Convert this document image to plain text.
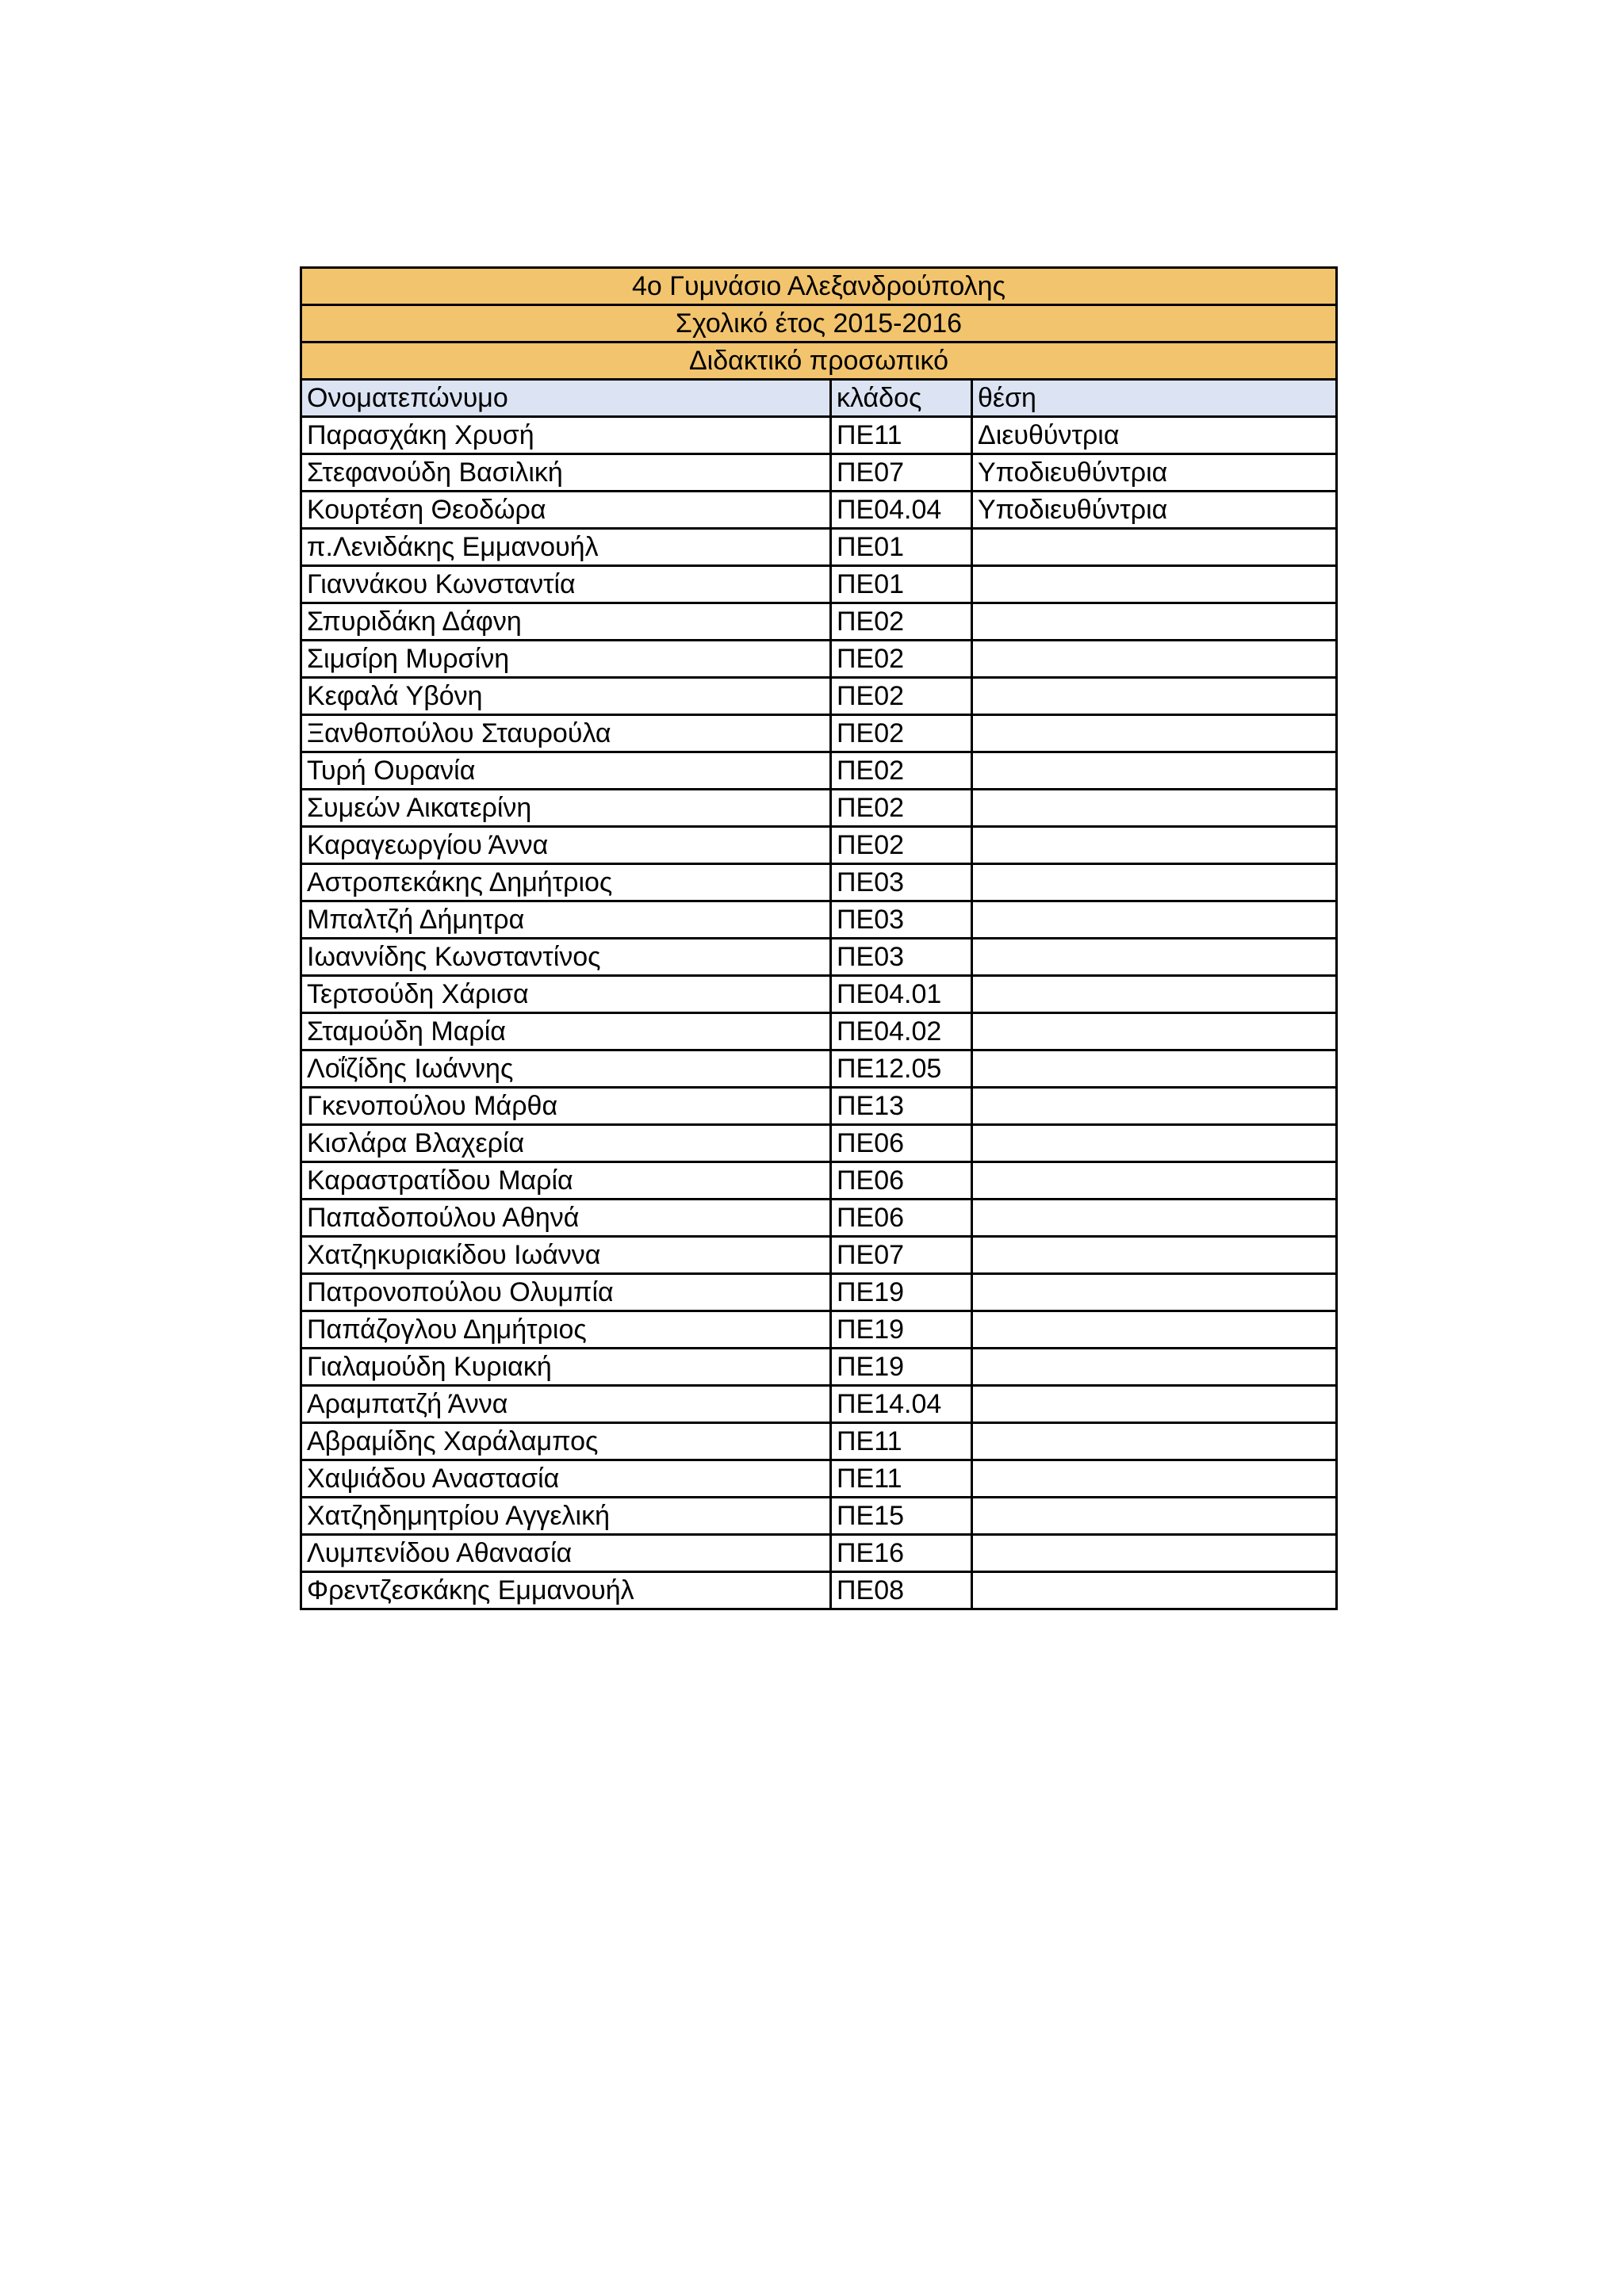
4ο Γυμνάσιο Αλεξανδρούπολης		
Σχολικό έτος 2015-2016		
Διδακτικό προσωπικό		
Ονοματεπώνυμο	κλάδος	θέση
Παρασχάκη Χρυσή	ΠΕ11	Διευθύντρια
Στεφανούδη Βασιλική	ΠΕ07	Υποδιευθύντρια
Κουρτέση Θεοδώρα	ΠΕ04.04	Υποδιευθύντρια
π.Λενιδάκης Εμμανουήλ	ΠΕ01	
Γιαννάκου Κωνσταντία	ΠΕ01	
Σπυριδάκη Δάφνη	ΠΕ02	
Σιμσίρη Μυρσίνη	ΠΕ02	
Κεφαλά Υβόνη	ΠΕ02	
Ξανθοπούλου Σταυρούλα	ΠΕ02	
Τυρή Ουρανία	ΠΕ02	
Συμεών Αικατερίνη	ΠΕ02	
Καραγεωργίου Άννα	ΠΕ02	
Αστροπεκάκης Δημήτριος	ΠΕ03	
Μπαλτζή Δήμητρα	ΠΕ03	
Ιωαννίδης Κωνσταντίνος	ΠΕ03	
Τερτσούδη Χάρισα	ΠΕ04.01	
Σταμούδη Μαρία	ΠΕ04.02	
Λοΐζίδης Ιωάννης	ΠΕ12.05	
Γκενοπούλου Μάρθα	ΠΕ13	
Κισλάρα Βλαχερία	ΠΕ06	
Καραστρατίδου Μαρία	ΠΕ06	
Παπαδοπούλου Αθηνά	ΠΕ06	
Χατζηκυριακίδου Ιωάννα	ΠΕ07	
Πατρονοπούλου Ολυμπία	ΠΕ19	
Παπάζογλου Δημήτριος	ΠΕ19	
Γιαλαμούδη Κυριακή	ΠΕ19	
Αραμπατζή Άννα	ΠΕ14.04	
Αβραμίδης Χαράλαμπος	ΠΕ11	
Χαψιάδου Αναστασία	ΠΕ11	
Χατζηδημητρίου Αγγελική	ΠΕ15	
Λυμπενίδου Αθανασία	ΠΕ16	
Φρεντζεσκάκης Εμμανουήλ	ΠΕ08	
